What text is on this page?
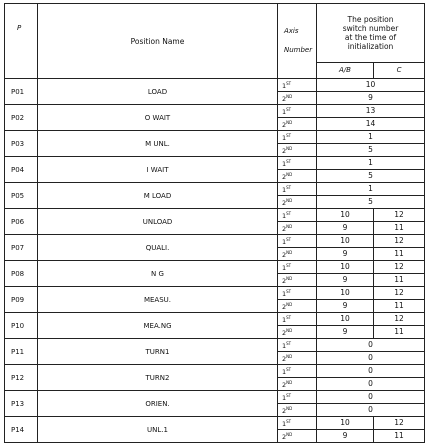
P	Position Name	Axis
Number	The position
switch number
at the time of
initialization	
			A/B	C
P01	LOAD	1ST	10	
		2ND	9	
P02	O WAIT	1ST	13	
		2ND	14	
P03	M UNL.	1ST	1	
		2ND	5	
P04	I WAIT	1ST	1	
		2ND	5	
P05	M LOAD	1ST	1	
		2ND	5	
P06	UNLOAD	1ST	10	12
		2ND	9	11
P07	QUALI.	1ST	10	12
		2ND	9	11
P08	N G	1ST	10	12
		2ND	9	11
P09	MEASU.	1ST	10	12
		2ND	9	11
P10	MEA.NG	1ST	10	12
		2ND	9	11
P11	TURN1	1ST	0	
		2ND	0	
P12	TURN2	1ST	0	
		2ND	0	
P13	ORIEN.	1ST	0	
		2ND	0	
P14	UNL.1	1ST	10	12
		2ND	9	11
